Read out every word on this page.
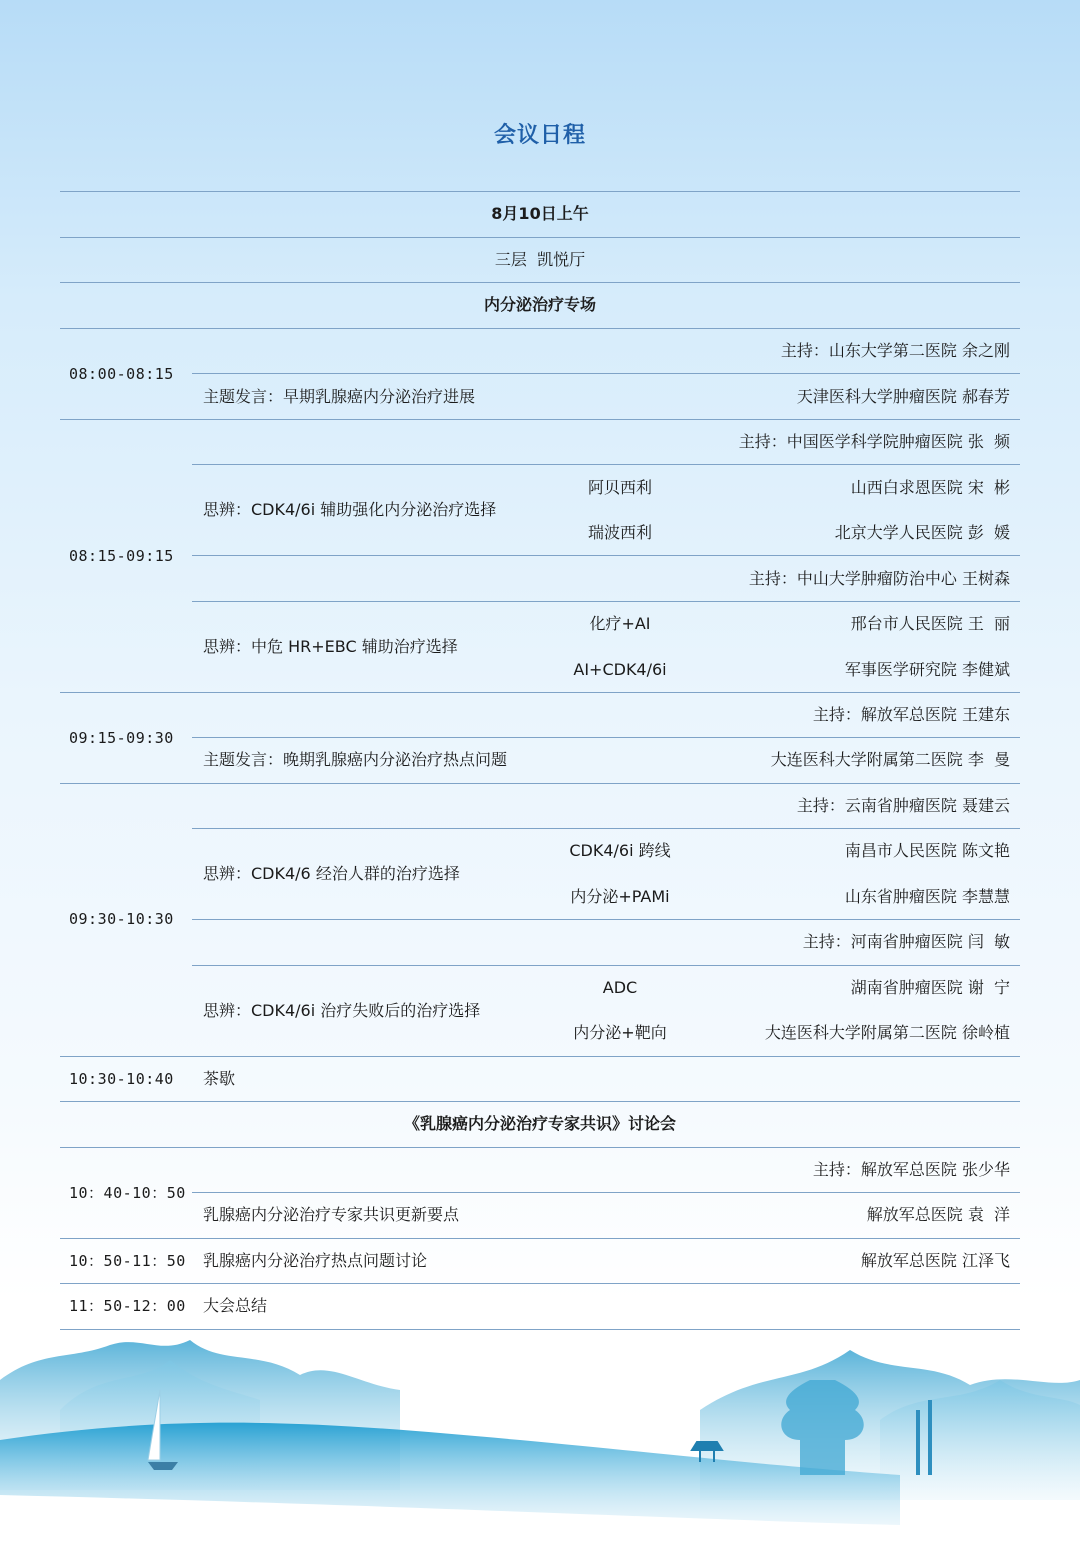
会议日程
8月10日上午
三层  凯悦厅
内分泌治疗专场
08:00-08:15
主持：山东大学第二医院 余之刚
主题发言：早期乳腺癌内分泌治疗进展	天津医科大学肿瘤医院 郝春芳
08:15-09:15
主持：中国医学科学院肿瘤医院 张  频
思辨：CDK4/6i 辅助强化内分泌治疗选择
阿贝西利	山西白求恩医院 宋  彬
瑞波西利	北京大学人民医院 彭  媛
主持：中山大学肿瘤防治中心 王树森
思辨：中危 HR+EBC 辅助治疗选择
化疗+AI	邢台市人民医院 王  丽
AI+CDK4/6i	军事医学研究院 李健斌
09:15-09:30
主持：解放军总医院 王建东
主题发言：晚期乳腺癌内分泌治疗热点问题	大连医科大学附属第二医院 李  曼
09:30-10:30
主持：云南省肿瘤医院 聂建云
思辨：CDK4/6 经治人群的治疗选择
CDK4/6i 跨线	南昌市人民医院 陈文艳
内分泌+PAMi	山东省肿瘤医院 李慧慧
主持：河南省肿瘤医院 闫  敏
思辨：CDK4/6i 治疗失败后的治疗选择
ADC	湖南省肿瘤医院 谢  宁
内分泌+靶向	大连医科大学附属第二医院 徐岭植
10:30-10:40 茶歇
《乳腺癌内分泌治疗专家共识》讨论会
10：40-10：50
主持：解放军总医院 张少华
乳腺癌内分泌治疗专家共识更新要点	解放军总医院 袁  洋
10：50-11：50 乳腺癌内分泌治疗热点问题讨论	解放军总医院 江泽飞
11：50-12：00 大会总结
